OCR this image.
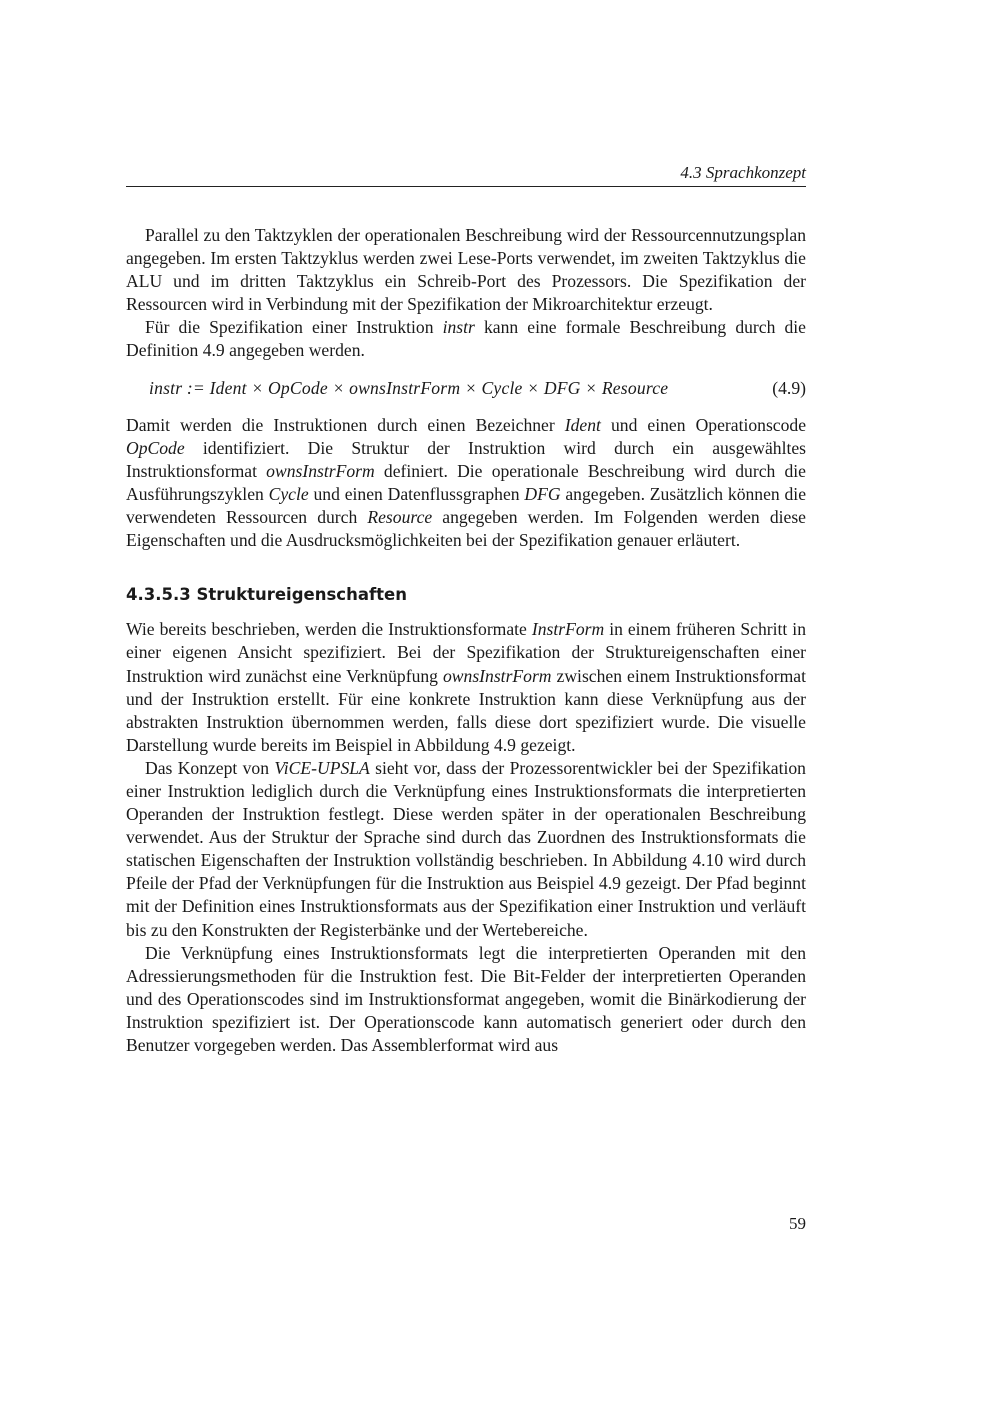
4.3 Sprachkonzept

Parallel zu den Taktzyklen der operationalen Beschreibung wird der Ressourcennutzungsplan angegeben. Im ersten Taktzyklus werden zwei Lese-Ports verwendet, im zweiten Taktzyklus die ALU und im dritten Taktzyklus ein Schreib-Port des Prozessors. Die Spezifikation der Ressourcen wird in Verbindung mit der Spezifikation der Mikroarchitektur erzeugt.

Für die Spezifikation einer Instruktion instr kann eine formale Beschreibung durch die Definition 4.9 angegeben werden.

instr := Ident × OpCode × ownsInstrForm × Cycle × DFG × Resource	(4.9)

Damit werden die Instruktionen durch einen Bezeichner Ident und einen Operationscode OpCode identifiziert. Die Struktur der Instruktion wird durch ein ausgewähltes Instruktionsformat ownsInstrForm definiert. Die operationale Beschreibung wird durch die Ausführungszyklen Cycle und einen Datenflussgraphen DFG angegeben. Zusätzlich können die verwendeten Ressourcen durch Resource angegeben werden. Im Folgenden werden diese Eigenschaften und die Ausdrucksmöglichkeiten bei der Spezifikation genauer erläutert.

4.3.5.3 Struktureigenschaften

Wie bereits beschrieben, werden die Instruktionsformate InstrForm in einem früheren Schritt in einer eigenen Ansicht spezifiziert. Bei der Spezifikation der Struktureigenschaften einer Instruktion wird zunächst eine Verknüpfung ownsInstrForm zwischen einem Instruktionsformat und der Instruktion erstellt. Für eine konkrete Instruktion kann diese Verknüpfung aus der abstrakten Instruktion übernommen werden, falls diese dort spezifiziert wurde. Die visuelle Darstellung wurde bereits im Beispiel in Abbildung 4.9 gezeigt.

Das Konzept von ViCE-UPSLA sieht vor, dass der Prozessorentwickler bei der Spezifikation einer Instruktion lediglich durch die Verknüpfung eines Instruktionsformats die interpretierten Operanden der Instruktion festlegt. Diese werden später in der operationalen Beschreibung verwendet. Aus der Struktur der Sprache sind durch das Zuordnen des Instruktionsformats die statischen Eigenschaften der Instruktion vollständig beschrieben. In Abbildung 4.10 wird durch Pfeile der Pfad der Verknüpfungen für die Instruktion aus Beispiel 4.9 gezeigt. Der Pfad beginnt mit der Definition eines Instruktionsformats aus der Spezifikation einer Instruktion und verläuft bis zu den Konstrukten der Registerbänke und der Wertebereiche.

Die Verknüpfung eines Instruktionsformats legt die interpretierten Operanden mit den Adressierungsmethoden für die Instruktion fest. Die Bit-Felder der interpretierten Operanden und des Operationscodes sind im Instruktionsformat angegeben, womit die Binärkodierung der Instruktion spezifiziert ist. Der Operationscode kann automatisch generiert oder durch den Benutzer vorgegeben werden. Das Assemblerformat wird aus

59
